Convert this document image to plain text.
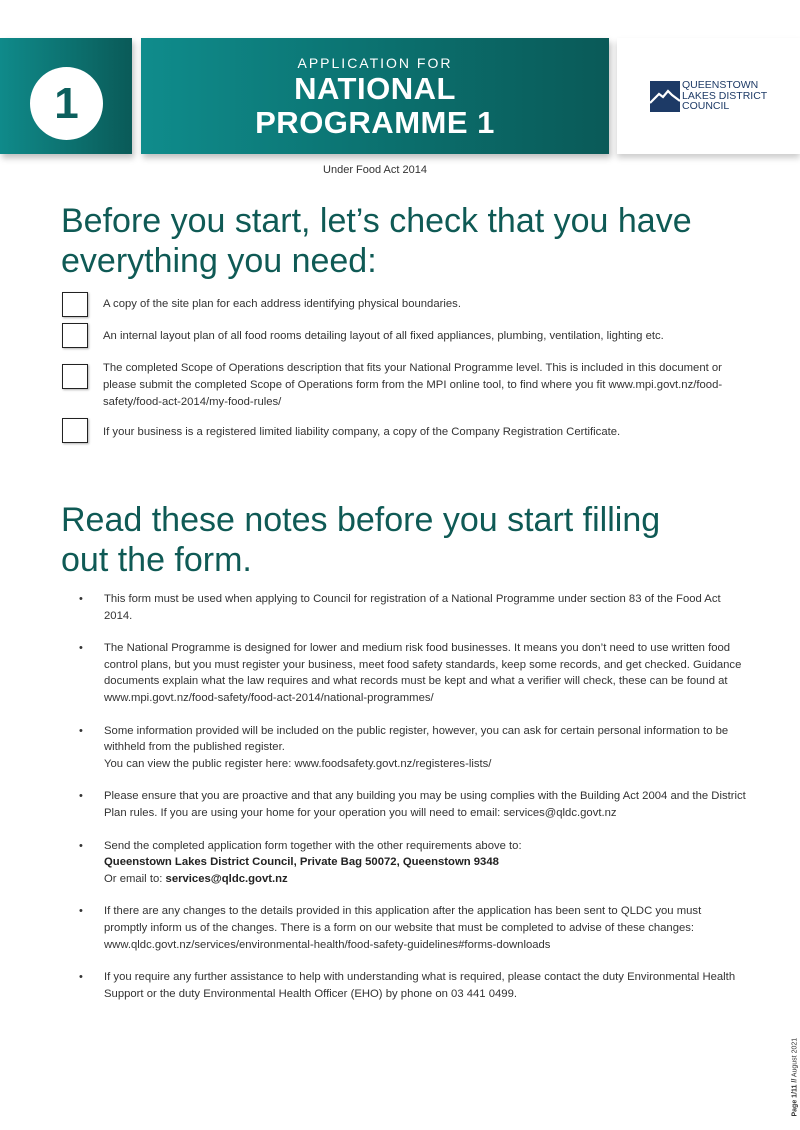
1
APPLICATION FOR
NATIONAL
PROGRAMME 1
QUEENSTOWN
LAKES DISTRICT
COUNCIL
Under Food Act 2014
Before you start, let’s check that you have everything you need:
A copy of the site plan for each address identifying physical boundaries.
An internal layout plan of all food rooms detailing layout of all fixed appliances, plumbing, ventilation, lighting etc.
The completed Scope of Operations description that fits your National Programme level. This is included in this document or please submit the completed Scope of Operations form from the MPI online tool, to find where you fit www.mpi.govt.nz/food-safety/food-act-2014/my-food-rules/
If your business is a registered limited liability company, a copy of the Company Registration Certificate.
Read these notes before you start filling out the form.
• This form must be used when applying to Council for registration of a National Programme under section 83 of the Food Act 2014.
• The National Programme is designed for lower and medium risk food businesses. It means you don’t need to use written food control plans, but you must register your business, meet food safety standards, keep some records, and get checked. Guidance documents explain what the law requires and what records must be kept and what a verifier will check, these can be found at www.mpi.govt.nz/food-safety/food-act-2014/national-programmes/
• Some information provided will be included on the public register, however, you can ask for certain personal information to be withheld from the published register.
You can view the public register here: www.foodsafety.govt.nz/registeres-lists/
• Please ensure that you are proactive and that any building you may be using complies with the Building Act 2004 and the District Plan rules. If you are using your home for your operation you will need to email: services@qldc.govt.nz
• Send the completed application form together with the other requirements above to:
Queenstown Lakes District Council, Private Bag 50072, Queenstown 9348
Or email to: services@qldc.govt.nz
• If there are any changes to the details provided in this application after the application has been sent to QLDC you must promptly inform us of the changes. There is a form on our website that must be completed to advise of these changes: www.qldc.govt.nz/services/environmental-health/food-safety-guidelines#forms-downloads
• If you require any further assistance to help with understanding what is required, please contact the duty Environmental Health Support or the duty Environmental Health Officer (EHO) by phone on 03 441 0499.
Page 1/11 // August 2021
